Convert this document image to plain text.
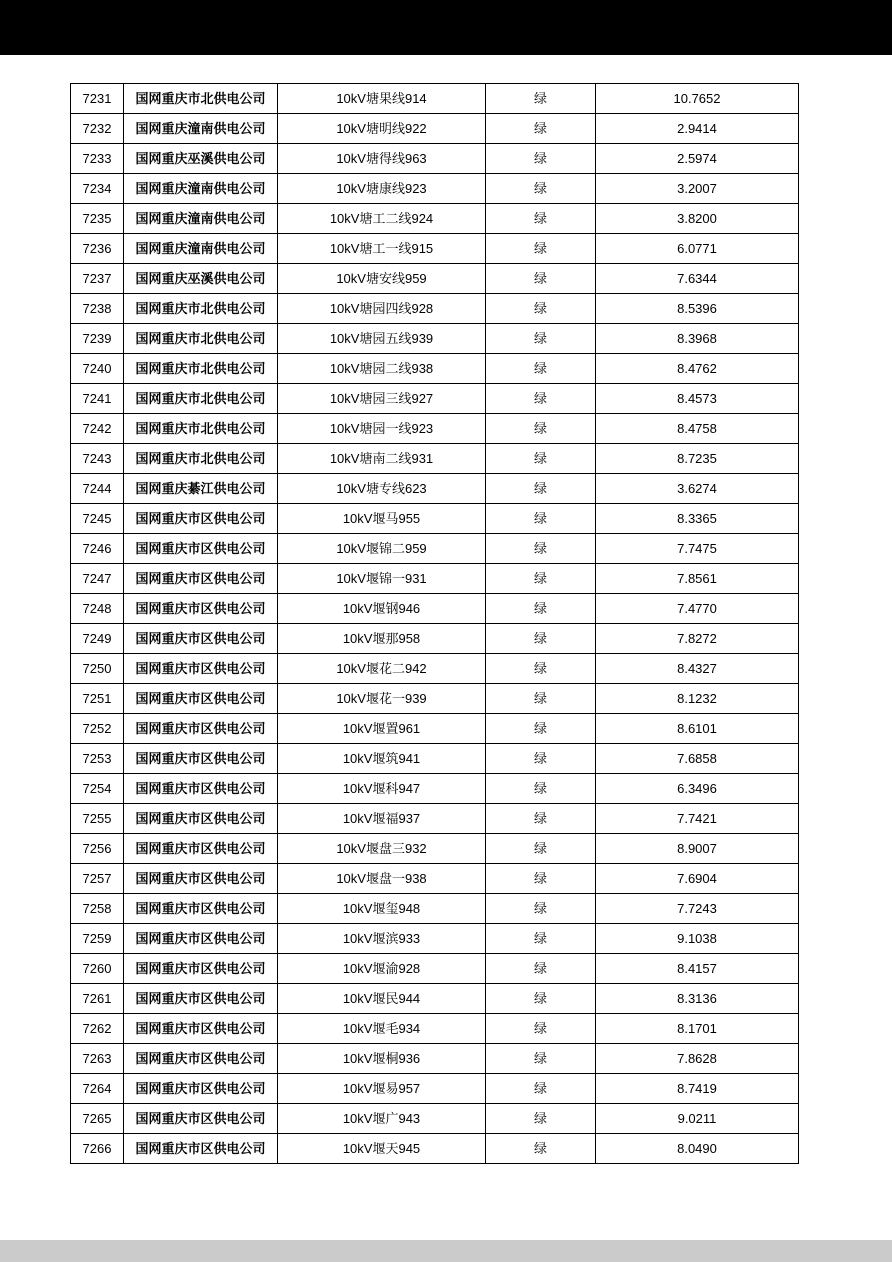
7231	国网重庆市北供电公司	10kV塘果线914	绿	10.7652
7232	国网重庆潼南供电公司	10kV塘明线922	绿	2.9414
7233	国网重庆巫溪供电公司	10kV塘得线963	绿	2.5974
7234	国网重庆潼南供电公司	10kV塘康线923	绿	3.2007
7235	国网重庆潼南供电公司	10kV塘工二线924	绿	3.8200
7236	国网重庆潼南供电公司	10kV塘工一线915	绿	6.0771
7237	国网重庆巫溪供电公司	10kV塘安线959	绿	7.6344
7238	国网重庆市北供电公司	10kV塘园四线928	绿	8.5396
7239	国网重庆市北供电公司	10kV塘园五线939	绿	8.3968
7240	国网重庆市北供电公司	10kV塘园二线938	绿	8.4762
7241	国网重庆市北供电公司	10kV塘园三线927	绿	8.4573
7242	国网重庆市北供电公司	10kV塘园一线923	绿	8.4758
7243	国网重庆市北供电公司	10kV塘南二线931	绿	8.7235
7244	国网重庆綦江供电公司	10kV塘专线623	绿	3.6274
7245	国网重庆市区供电公司	10kV堰马955	绿	8.3365
7246	国网重庆市区供电公司	10kV堰锦二959	绿	7.7475
7247	国网重庆市区供电公司	10kV堰锦一931	绿	7.8561
7248	国网重庆市区供电公司	10kV堰钢946	绿	7.4770
7249	国网重庆市区供电公司	10kV堰那958	绿	7.8272
7250	国网重庆市区供电公司	10kV堰花二942	绿	8.4327
7251	国网重庆市区供电公司	10kV堰花一939	绿	8.1232
7252	国网重庆市区供电公司	10kV堰置961	绿	8.6101
7253	国网重庆市区供电公司	10kV堰筑941	绿	7.6858
7254	国网重庆市区供电公司	10kV堰科947	绿	6.3496
7255	国网重庆市区供电公司	10kV堰福937	绿	7.7421
7256	国网重庆市区供电公司	10kV堰盘三932	绿	8.9007
7257	国网重庆市区供电公司	10kV堰盘一938	绿	7.6904
7258	国网重庆市区供电公司	10kV堰玺948	绿	7.7243
7259	国网重庆市区供电公司	10kV堰滨933	绿	9.1038
7260	国网重庆市区供电公司	10kV堰渝928	绿	8.4157
7261	国网重庆市区供电公司	10kV堰民944	绿	8.3136
7262	国网重庆市区供电公司	10kV堰毛934	绿	8.1701
7263	国网重庆市区供电公司	10kV堰桐936	绿	7.8628
7264	国网重庆市区供电公司	10kV堰易957	绿	8.7419
7265	国网重庆市区供电公司	10kV堰广943	绿	9.0211
7266	国网重庆市区供电公司	10kV堰天945	绿	8.0490
